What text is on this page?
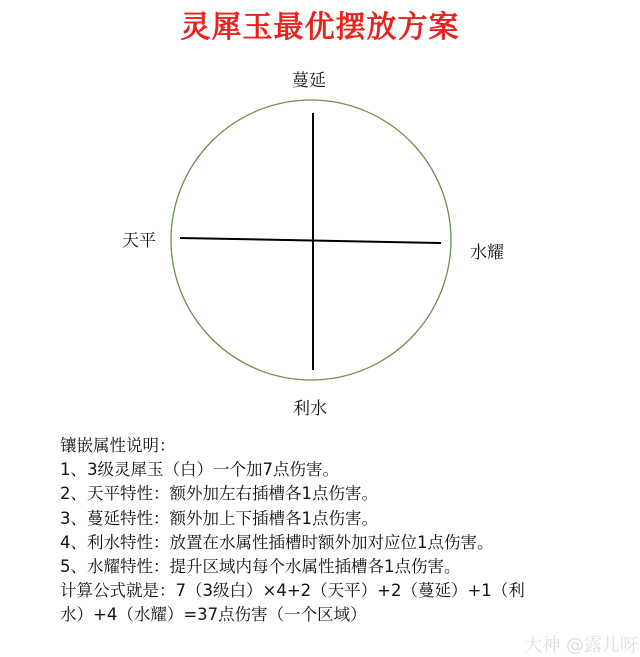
灵犀玉最优摆放方案
蔓延
天平
水耀
利水
镶嵌属性说明：
1、3级灵犀玉（白）一个加7点伤害。
2、天平特性：额外加左右插槽各1点伤害。
3、蔓延特性：额外加上下插槽各1点伤害。
4、利水特性：放置在水属性插槽时额外加对应位1点伤害。
5、水耀特性：提升区域内每个水属性插槽各1点伤害。
计算公式就是：7（3级白）×4+2（天平）+2（蔓延）+1（利
水）+4（水耀）=37点伤害（一个区域）
大神 @露儿呀
